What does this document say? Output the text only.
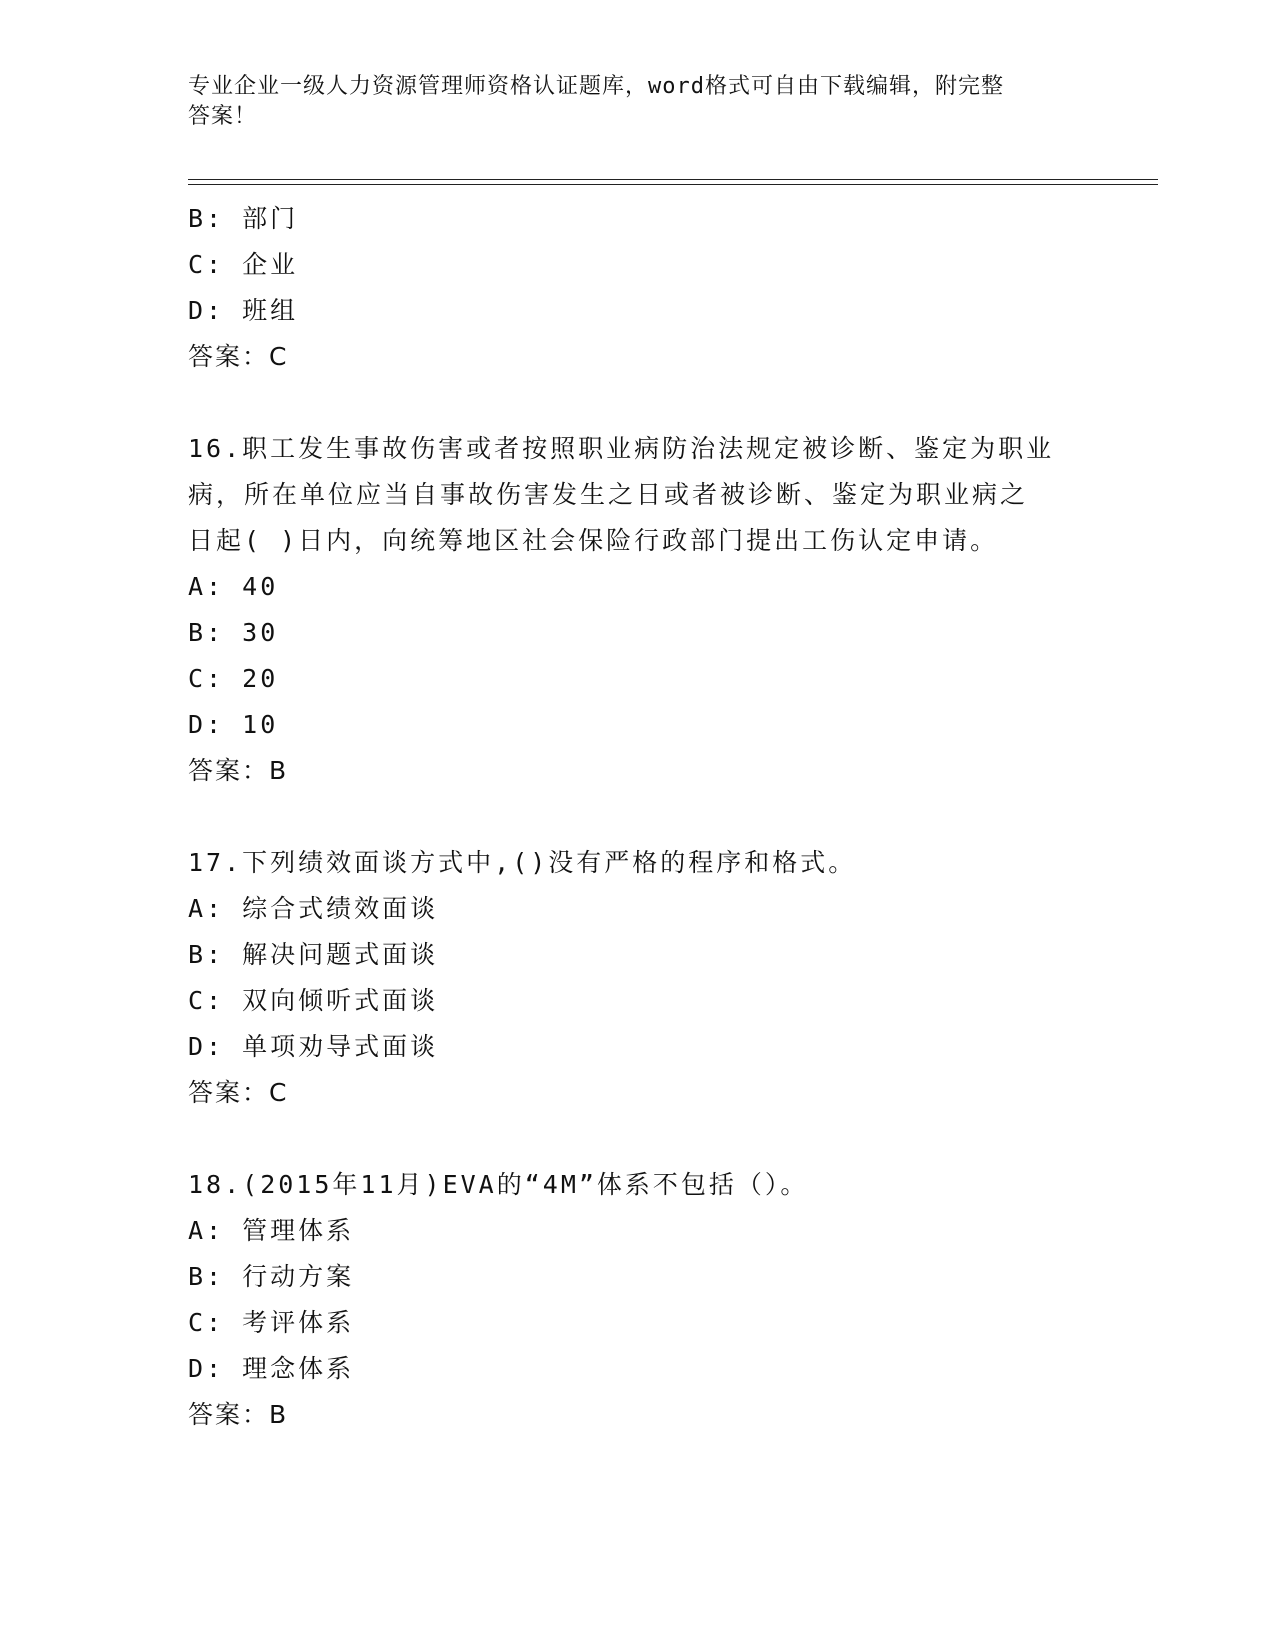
专业企业一级人力资源管理师资格认证题库，word格式可自由下载编辑，附完整
答案！
B: 部门
C: 企业
D: 班组
答案：C
16.职工发生事故伤害或者按照职业病防治法规定被诊断、鉴定为职业
病，所在单位应当自事故伤害发生之日或者被诊断、鉴定为职业病之
日起( )日内，向统筹地区社会保险行政部门提出工伤认定申请。
A: 40
B: 30
C: 20
D: 10
答案：B
17.下列绩效面谈方式中,()没有严格的程序和格式。
A: 综合式绩效面谈
B: 解决问题式面谈
C: 双向倾听式面谈
D: 单项劝导式面谈
答案：C
18.(2015年11月)EVA的“4M”体系不包括（）。
A: 管理体系
B: 行动方案
C: 考评体系
D: 理念体系
答案：B
